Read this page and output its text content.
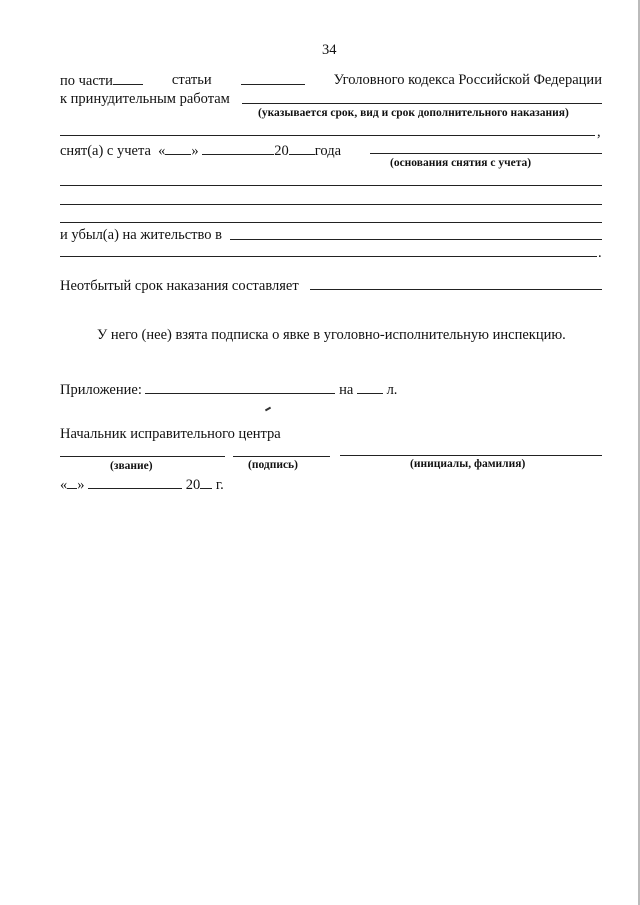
34
по части	статьи	Уголовного кодекса Российской Федерации
к принудительным работам
(указывается срок, вид и срок дополнительного наказания)
,
снят(а) с учета « »	20 года
(основания снятия с учета)
и убыл(а) на жительство в
.
Неотбытый срок наказания составляет
У него (нее) взята подписка о явке в уголовно-исполнительную инспекцию.
Приложение:	на л.
Начальник исправительного центра
(звание)	(подпись)	(инициалы, фамилия)
« »	20 г.
